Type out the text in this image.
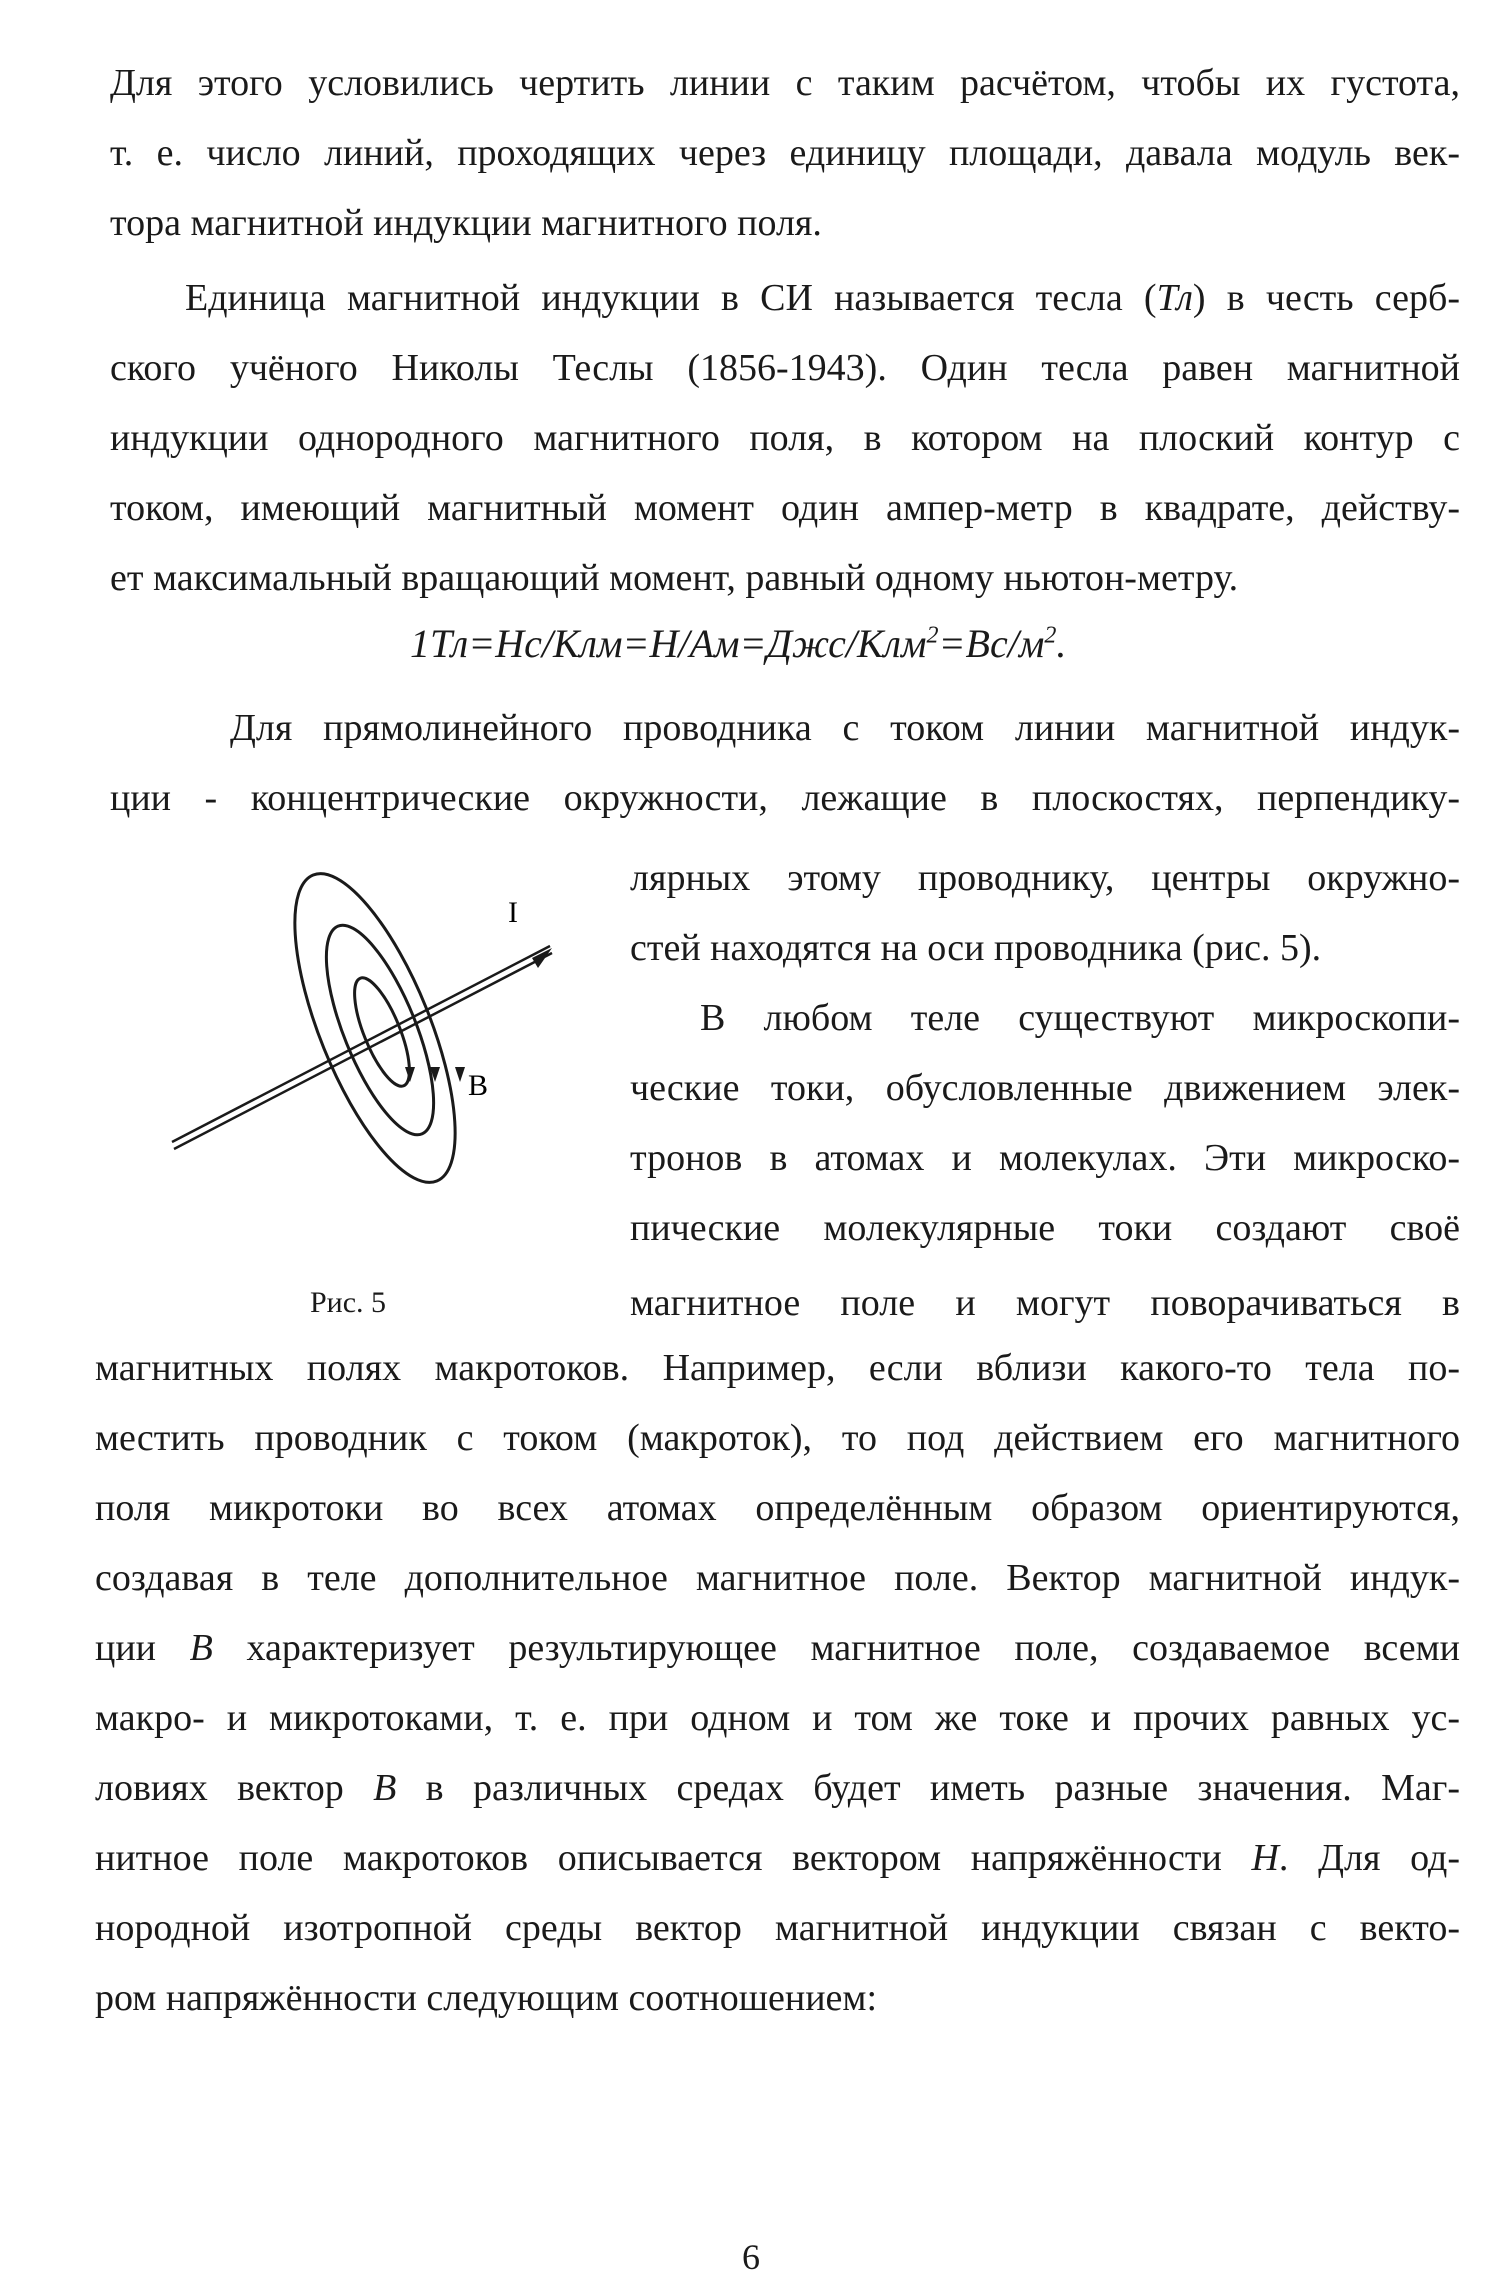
Для этого условились чертить линии с таким расчётом, чтобы их густота,
т. е. число линий, проходящих через единицу площади, давала модуль век-
тора магнитной индукции магнитного поля.
Единица магнитной индукции в СИ называется тесла (Тл) в честь серб-
ского учёного Николы Теслы (1856-1943). Один тесла равен магнитной
индукции однородного магнитного поля, в котором на плоский контур с
током, имеющий магнитный момент один ампер-метр в квадрате, действу-
ет максимальный вращающий момент, равный одному ньютон-метру.
$1Тл=Нс/Клм=Н/Ам=Джс/Клм^2=Вс/м^2$.
Для прямолинейного проводника с током линии магнитной индук-
ции - концентрические окружности, лежащие в плоскостях, перпендику-
лярных этому проводнику, центры окружно-
стей находятся на оси проводника (рис. 5).
I
B
Рис. 5
В любом теле существуют микроскопи-
ческие токи, обусловленные движением элек-
тронов в атомах и молекулах. Эти микроско-
пические молекулярные токи создают своё
магнитное поле и могут поворачиваться в
магнитных полях макротоков. Например, если вблизи какого-то тела по-
местить проводник с током (макроток), то под действием его магнитного
поля микротоки во всех атомах определённым образом ориентируются,
создавая в теле дополнительное магнитное поле. Вектор магнитной индук-
ции B характеризует результирующее магнитное поле, создаваемое всеми
макро- и микротоками, т. е. при одном и том же токе и прочих равных ус-
ловиях вектор B в различных средах будет иметь разные значения. Маг-
нитное поле макротоков описывается вектором напряжённости H. Для од-
нородной изотропной среды вектор магнитной индукции связан с векто-
ром напряжённости следующим соотношением:
6
